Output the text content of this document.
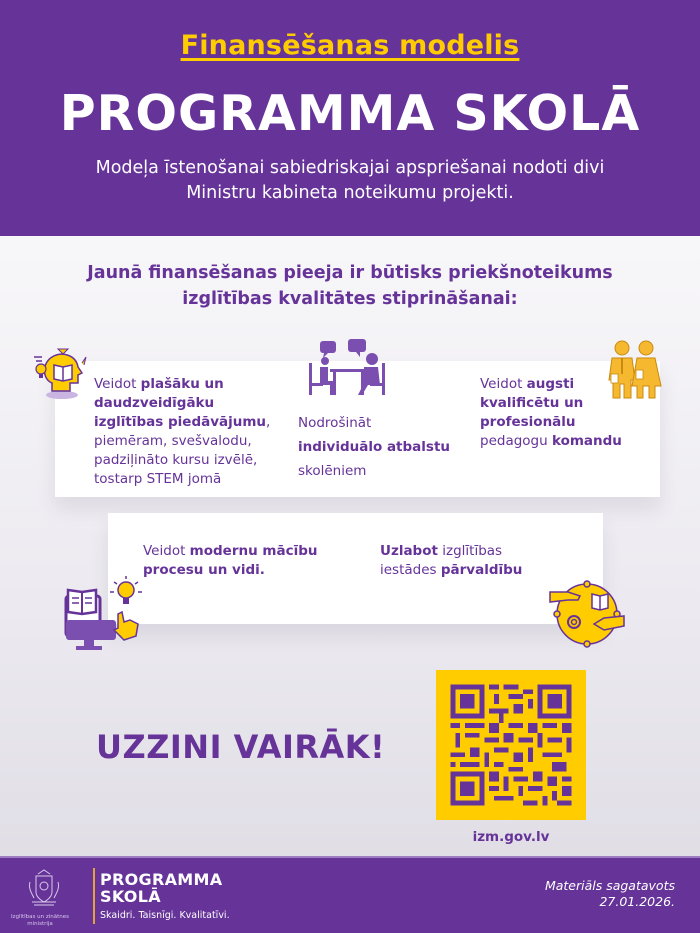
Finansēšanas modelis
PROGRAMMA SKOLĀ
Modeļa īstenošanai sabiedriskajai apspriešanai nodoti divi
Ministru kabineta noteikumu projekti.
Jaunā finansēšanas pieeja ir būtisks priekšnoteikums
izglītības kvalitātes stiprināšanai:
Veidot plašāku un
daudzveidīgāku
izglītības piedāvājumu,
piemēram, svešvalodu,
padziļināto kursu izvēlē,
tostarp STEM jomā
Nodrošināt
individuālo atbalstu
skolēniem
Veidot augsti
kvalificētu un
profesionālu
pedagogu komandu
Veidot modernu mācību
procesu un vidi.
Uzlabot izglītības
iestādes pārvaldību
UZZINI VAIRĀK!
izm.gov.lv
Izglītības un zinātnes
ministrija
PROGRAMMA
SKOLĀ
Skaidri. Taisnīgi. Kvalitatīvi.
Materiāls sagatavots
27.01.2026.
